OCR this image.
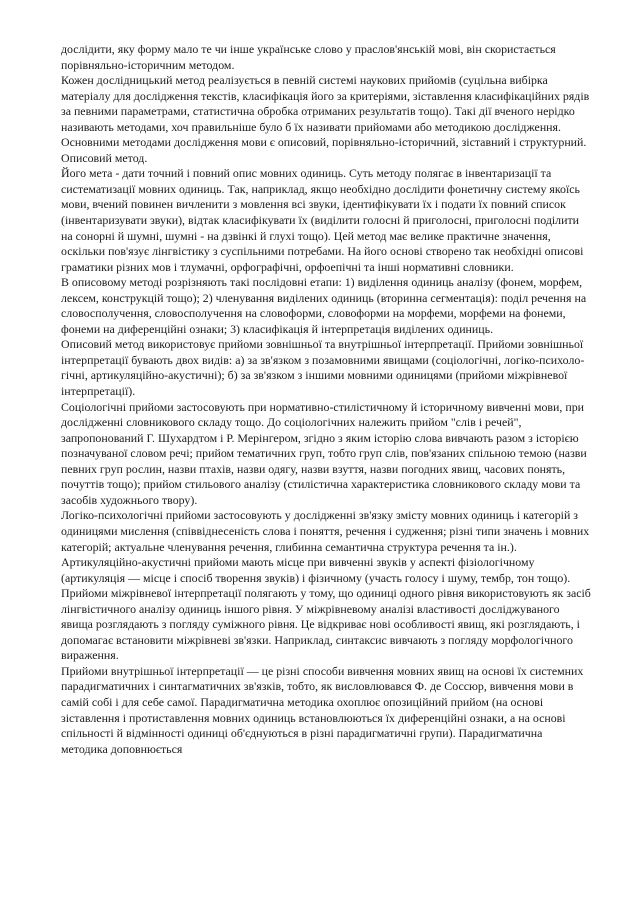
дослідити, яку форму мало те чи інше українське слово у праслов'янській мові, він скористається порівняльно-історичним методом.

Кожен дослідницький метод реалізується в певній системі наукових прийомів (суцільна вибірка матеріалу для дослідження текстів, класифікація його за критеріями, зіставлення класифікаційних рядів за певними параметрами, статистична обробка отриманих результатів тощо). Такі дії вченого нерідко називають методами, хоч правильніше було б їх називати прийомами або методикою дослідження.

Основними методами дослідження мови є описовий, порівняльно-історичний, зіставний і структурний.

Описовий метод.

Його мета - дати точний і повний опис мовних одиниць. Суть методу полягає в інвентаризації та систематизації мовних одиниць. Так, наприклад, якщо необхідно дослідити фонетичну систему якоїсь мови, вчений повинен вичленити з мовлення всі звуки, ідентифікувати їх і подати їх повний список (інвентаризувати звуки), відтак класифікувати їх (виділити голосні й приголосні, приголосні поділити на сонорні й шумні, шумні - на дзвінкі й глухі тощо). Цей метод має велике практичне значення, оскільки пов'язує лінгвістику з суспільними потребами. На його основі створено так необхідні описові граматики різних мов і тлумачні, орфографічні, орфоепічні та інші нормативні словники.

В описовому методі розрізняють такі послідовні етапи: 1) виділення одиниць аналізу (фонем, морфем, лексем, конструкцій тощо); 2) членування виділених одиниць (вторинна сегментація): поділ речення на словосполучення, словосполучення на словоформи, словоформи на морфеми, морфеми на фонеми, фонеми на диференційні ознаки; 3) класифікація й інтерпретація виділених одиниць.

Описовий метод використовує прийоми зовнішньої та внутрішньої інтерпретації. Прийоми зовнішньої інтерпретації бувають двох видів: а) за зв'язком з позамовними явищами (соціологічні, логіко-психоло-гічні, артикуляційно-акустичні); б) за зв'язком з іншими мовними одиницями (прийоми міжрівневої інтерпретації).

Соціологічні прийоми застосовують при нормативно-стилістичному й історичному вивченні мови, при дослідженні словникового складу тощо. До соціологічних належить прийом "слів і речей", запропонований Г. Шухардтом і Р. Мерінгером, згідно з яким історію слова вивчають разом з історією позначуваної словом речі; прийом тематичних груп, тобто груп слів, пов'язаних спільною темою (назви певних груп рослин, назви птахів, назви одягу, назви взуття, назви погодних явищ, часових понять, почуттів тощо); прийом стильового аналізу (стилістична характеристика словникового складу мови та засобів художнього твору).

Логіко-психологічні прийоми застосовують у дослідженні зв'язку змісту мовних одиниць і категорій з одиницями мислення (співвіднесеність слова і поняття, речення і судження; різні типи значень і мовних категорій; актуальне членування речення, глибинна семантична структура речення та ін.).

Артикуляційно-акустичні прийоми мають місце при вивченні звуків у аспекті фізіологічному (артикуляція — місце і спосіб творення звуків) і фізичному (участь голосу і шуму, тембр, тон тощо).

Прийоми міжрівневої інтерпретації полягають у тому, що одиниці одного рівня використовують як засіб лінгвістичного аналізу одиниць іншого рівня. У міжрівневому аналізі властивості досліджуваного явища розглядають з погляду суміжного рівня. Це відкриває нові особливості явищ, які розглядають, і допомагає встановити міжрівневі зв'язки. Наприклад, синтаксис вивчають з погляду морфологічного вираження.

Прийоми внутрішньої інтерпретації — це різні способи вивчення мовних явищ на основі їх системних парадигматичних і синтагматичних зв'язків, тобто, як висловлювався Ф. де Соссюр, вивчення мови в самій собі і для себе самої. Парадигматична методика охоплює опозиційний прийом (на основі зіставлення і протиставлення мовних одиниць встановлюються їх диференційні ознаки, а на основі спільності й відмінності одиниці об'єднуються в різні парадигматичні групи). Парадигматична методика доповнюється
